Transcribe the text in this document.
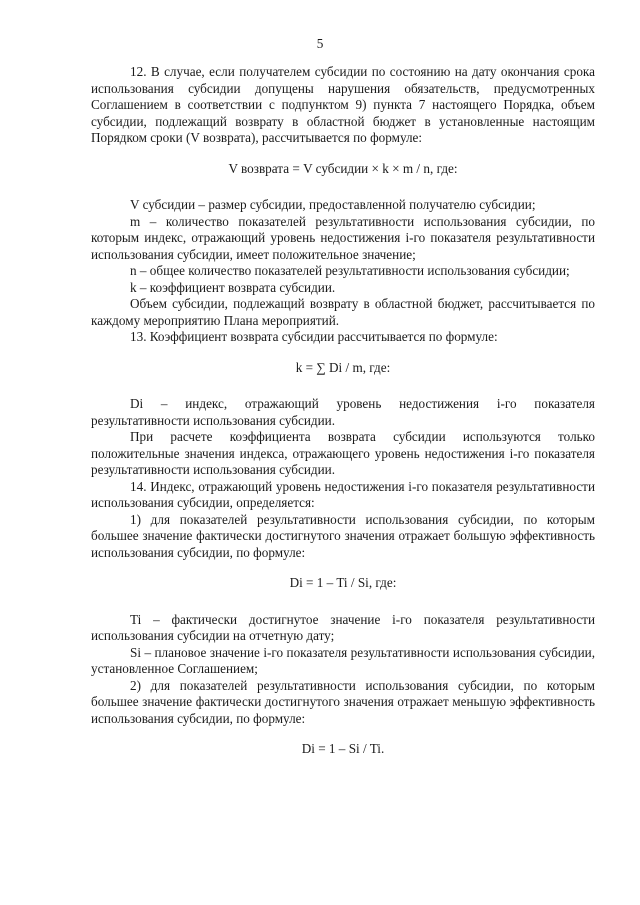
5

12. В случае, если получателем субсидии по состоянию на дату окончания срока использования субсидии допущены нарушения обязательств, предусмотренных Соглашением в соответствии с подпунктом 9) пункта 7 настоящего Порядка, объем субсидии, подлежащий возврату в областной бюджет в установленные настоящим Порядком сроки (V возврата), рассчитывается по формуле:

V возврата = V субсидии × k × m / n, где:

V субсидии – размер субсидии, предоставленной получателю субсидии;

m – количество показателей результативности использования субсидии, по которым индекс, отражающий уровень недостижения i-го показателя результативности использования субсидии, имеет положительное значение;

n – общее количество показателей результативности использования субсидии;

k – коэффициент возврата субсидии.

Объем субсидии, подлежащий возврату в областной бюджет, рассчитывается по каждому мероприятию Плана мероприятий.

13. Коэффициент возврата субсидии рассчитывается по формуле:

k = ∑ Di / m, где:

Di – индекс, отражающий уровень недостижения i-го показателя результативности использования субсидии.

При расчете коэффициента возврата субсидии используются только положительные значения индекса, отражающего уровень недостижения i-го показателя результативности использования субсидии.

14. Индекс, отражающий уровень недостижения i-го показателя результативности использования субсидии, определяется:

1) для показателей результативности использования субсидии, по которым большее значение фактически достигнутого значения отражает большую эффективность использования субсидии, по формуле:

Di = 1 – Ti / Si, где:

Ti – фактически достигнутое значение i-го показателя результативности использования субсидии на отчетную дату;

Si – плановое значение i-го показателя результативности использования субсидии, установленное Соглашением;

2) для показателей результативности использования субсидии, по которым большее значение фактически достигнутого значения отражает меньшую эффективность использования субсидии, по формуле:

Di = 1 – Si / Ti.
